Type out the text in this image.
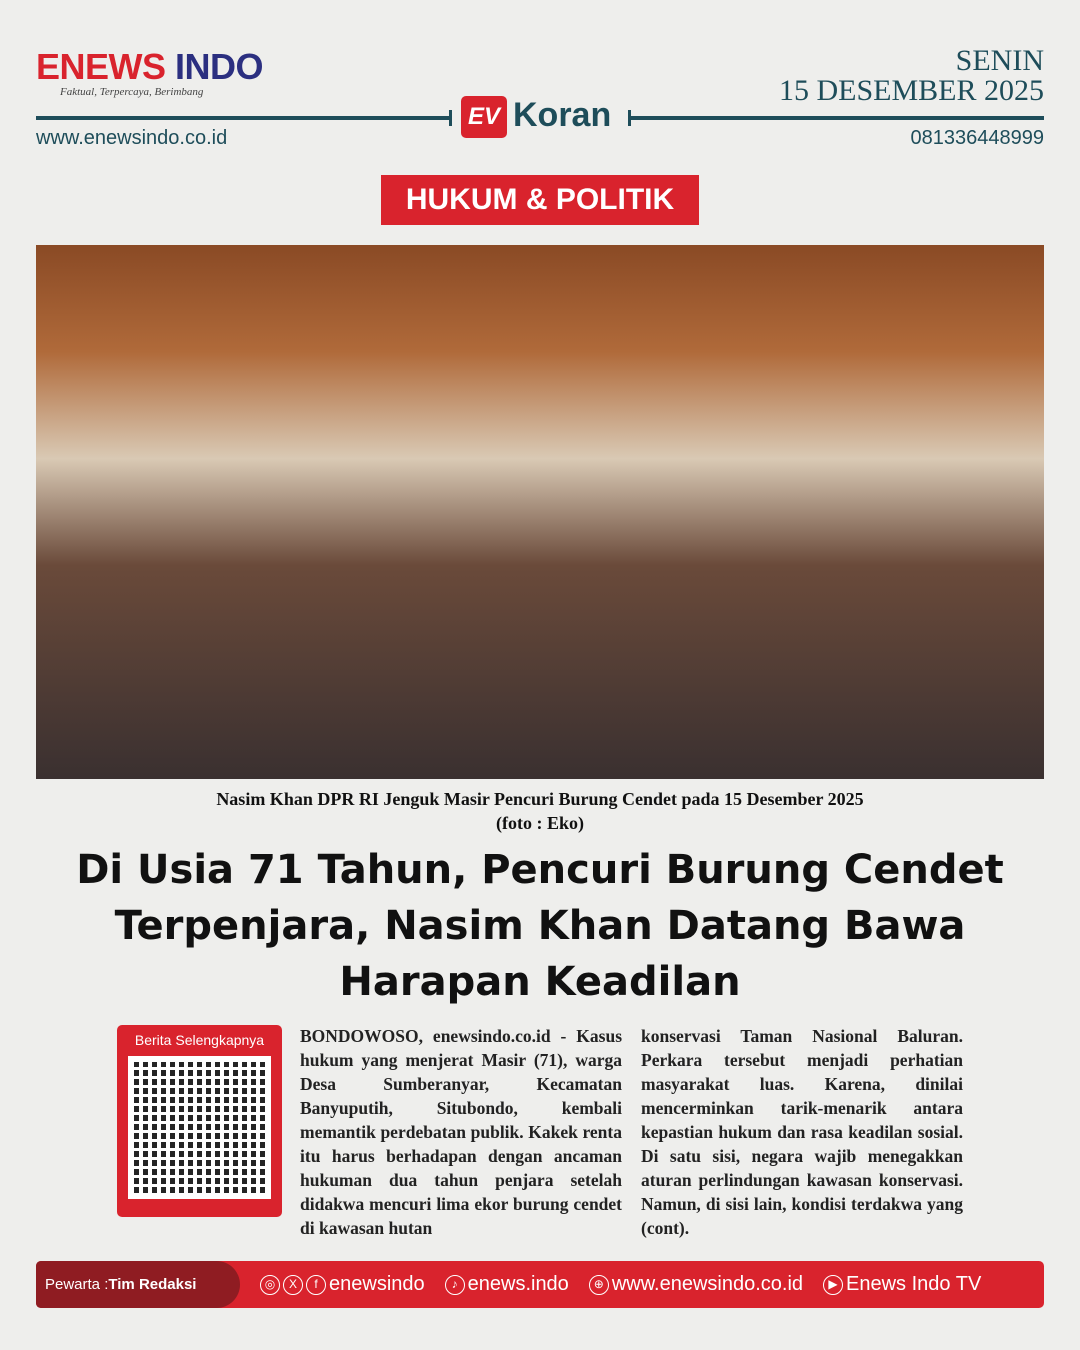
ENEWS INDO
Faktual, Terpercaya, Berimbang
SENIN
15 DESEMBER 2025
EV Koran
www.enewsindo.co.id	081336448999
HUKUM & POLITIK
Nasim Khan DPR RI Jenguk Masir Pencuri Burung Cendet pada 15 Desember 2025
(foto : Eko)
Di Usia 71 Tahun, Pencuri Burung Cendet Terpenjara, Nasim Khan Datang Bawa Harapan Keadilan
Berita Selengkapnya	BONDOWOSO, enewsindo.co.id - Kasus hukum yang menjerat Masir (71), warga Desa Sumberanyar, Kecamatan Banyuputih, Situbondo, kembali memantik perdebatan publik. Kakek renta itu harus berhadapan dengan ancaman hukuman dua tahun penjara setelah didakwa mencuri lima ekor burung cendet di kawasan hutan
konservasi Taman Nasional Baluran. Perkara tersebut menjadi perhatian masyarakat luas. Karena, dinilai mencerminkan tarik-menarik antara kepastian hukum dan rasa keadilan sosial. Di satu sisi, negara wajib menegakkan aturan perlindungan kawasan konservasi. Namun, di sisi lain, kondisi terdakwa yang (cont).
Pewarta : Tim Redaksi	◎	X	f enewsindo	♪ enews.indo	⊕ www.enewsindo.co.id	▶ Enews Indo TV
